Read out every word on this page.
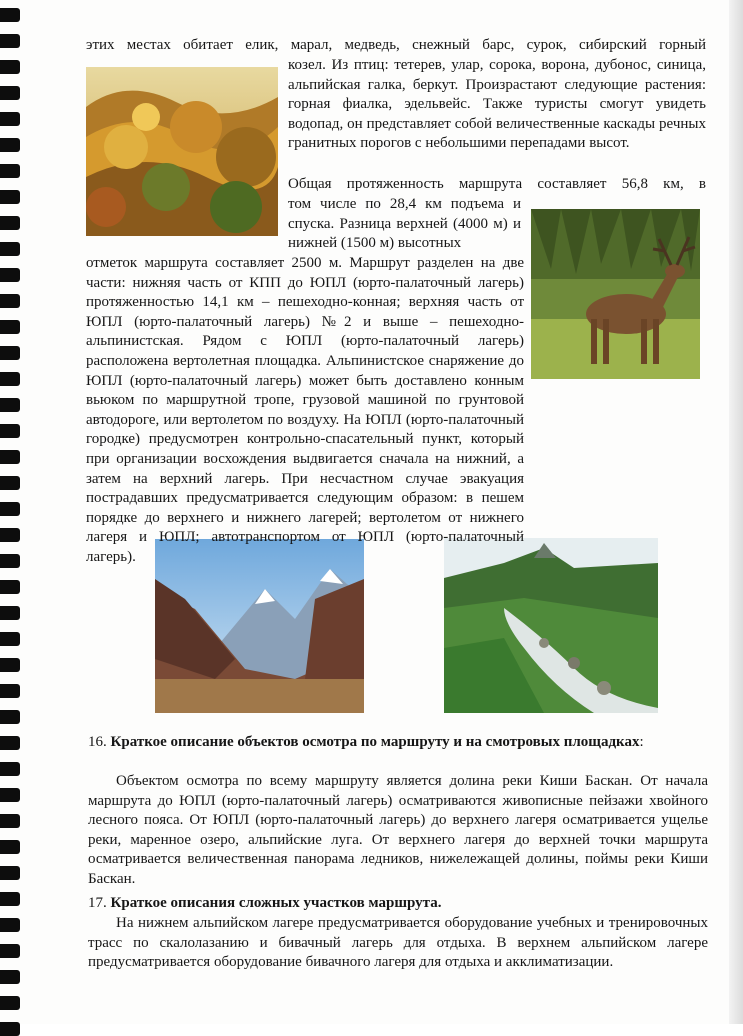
этих местах обитает елик, марал, медведь, снежный барс, сурок, сибирский горный

козел. Из птиц: тетерев, улар, сорока, ворона, дубонос, синица, альпийская галка, беркут. Произрастают следующие растения: горная фиалка, эдельвейс. Также туристы смогут увидеть водопад, он представляет собой величественные каскады речных гранитных порогов с небольшими перепадами высот.

Общая протяженность маршрута составляет 56,8 км, в

том числе по 28,4 км подъема и спуска. Разница верхней (4000 м) и нижней (1500 м) высотных

отметок маршрута составляет 2500 м. Маршрут разделен на две части: нижняя часть от КПП до ЮПЛ (юрто-палаточный лагерь) протяженностью 14,1 км – пешеходно-конная; верхняя часть от ЮПЛ (юрто-палаточный лагерь) №2 и выше – пешеходно-альпинистская. Рядом с ЮПЛ (юрто-палаточный лагерь) расположена вертолетная площадка. Альпинистское снаряжение до ЮПЛ (юрто-палаточный лагерь) может быть доставлено конным вьюком по маршрутной тропе, грузовой машиной по грунтовой автодороге, или вертолетом по воздуху. На ЮПЛ (юрто-палаточный городке) предусмотрен контрольно-спасательный пункт, который при организации восхождения выдвигается сначала на нижний, а затем на верхний лагерь. При несчастном случае эвакуация пострадавших предусматривается следующим образом: в пешем порядке до верхнего и нижнего лагерей; вертолетом от нижнего лагеря и ЮПЛ; автотранспортом от ЮПЛ (юрто-палаточный лагерь).

16. Краткое описание объектов осмотра по маршруту и на смотровых площадках:

Объектом осмотра по всему маршруту является долина реки Киши Баскан. От начала маршрута до ЮПЛ (юрто-палаточный лагерь) осматриваются живописные пейзажи хвойного лесного пояса. От ЮПЛ (юрто-палаточный лагерь) до верхнего лагеря осматривается ущелье реки, маренное озеро, альпийские луга. От верхнего лагеря до верхней точки маршрута осматривается величественная панорама ледников, нижележащей долины, поймы реки Киши Баскан.

17. Краткое описания сложных участков маршрута.

На нижнем альпийском лагере предусматривается оборудование учебных и тренировочных трасс по скалолазанию и бивачный лагерь для отдыха. В верхнем альпийском лагере предусматривается оборудование бивачного лагеря для отдыха и акклиматизации.
